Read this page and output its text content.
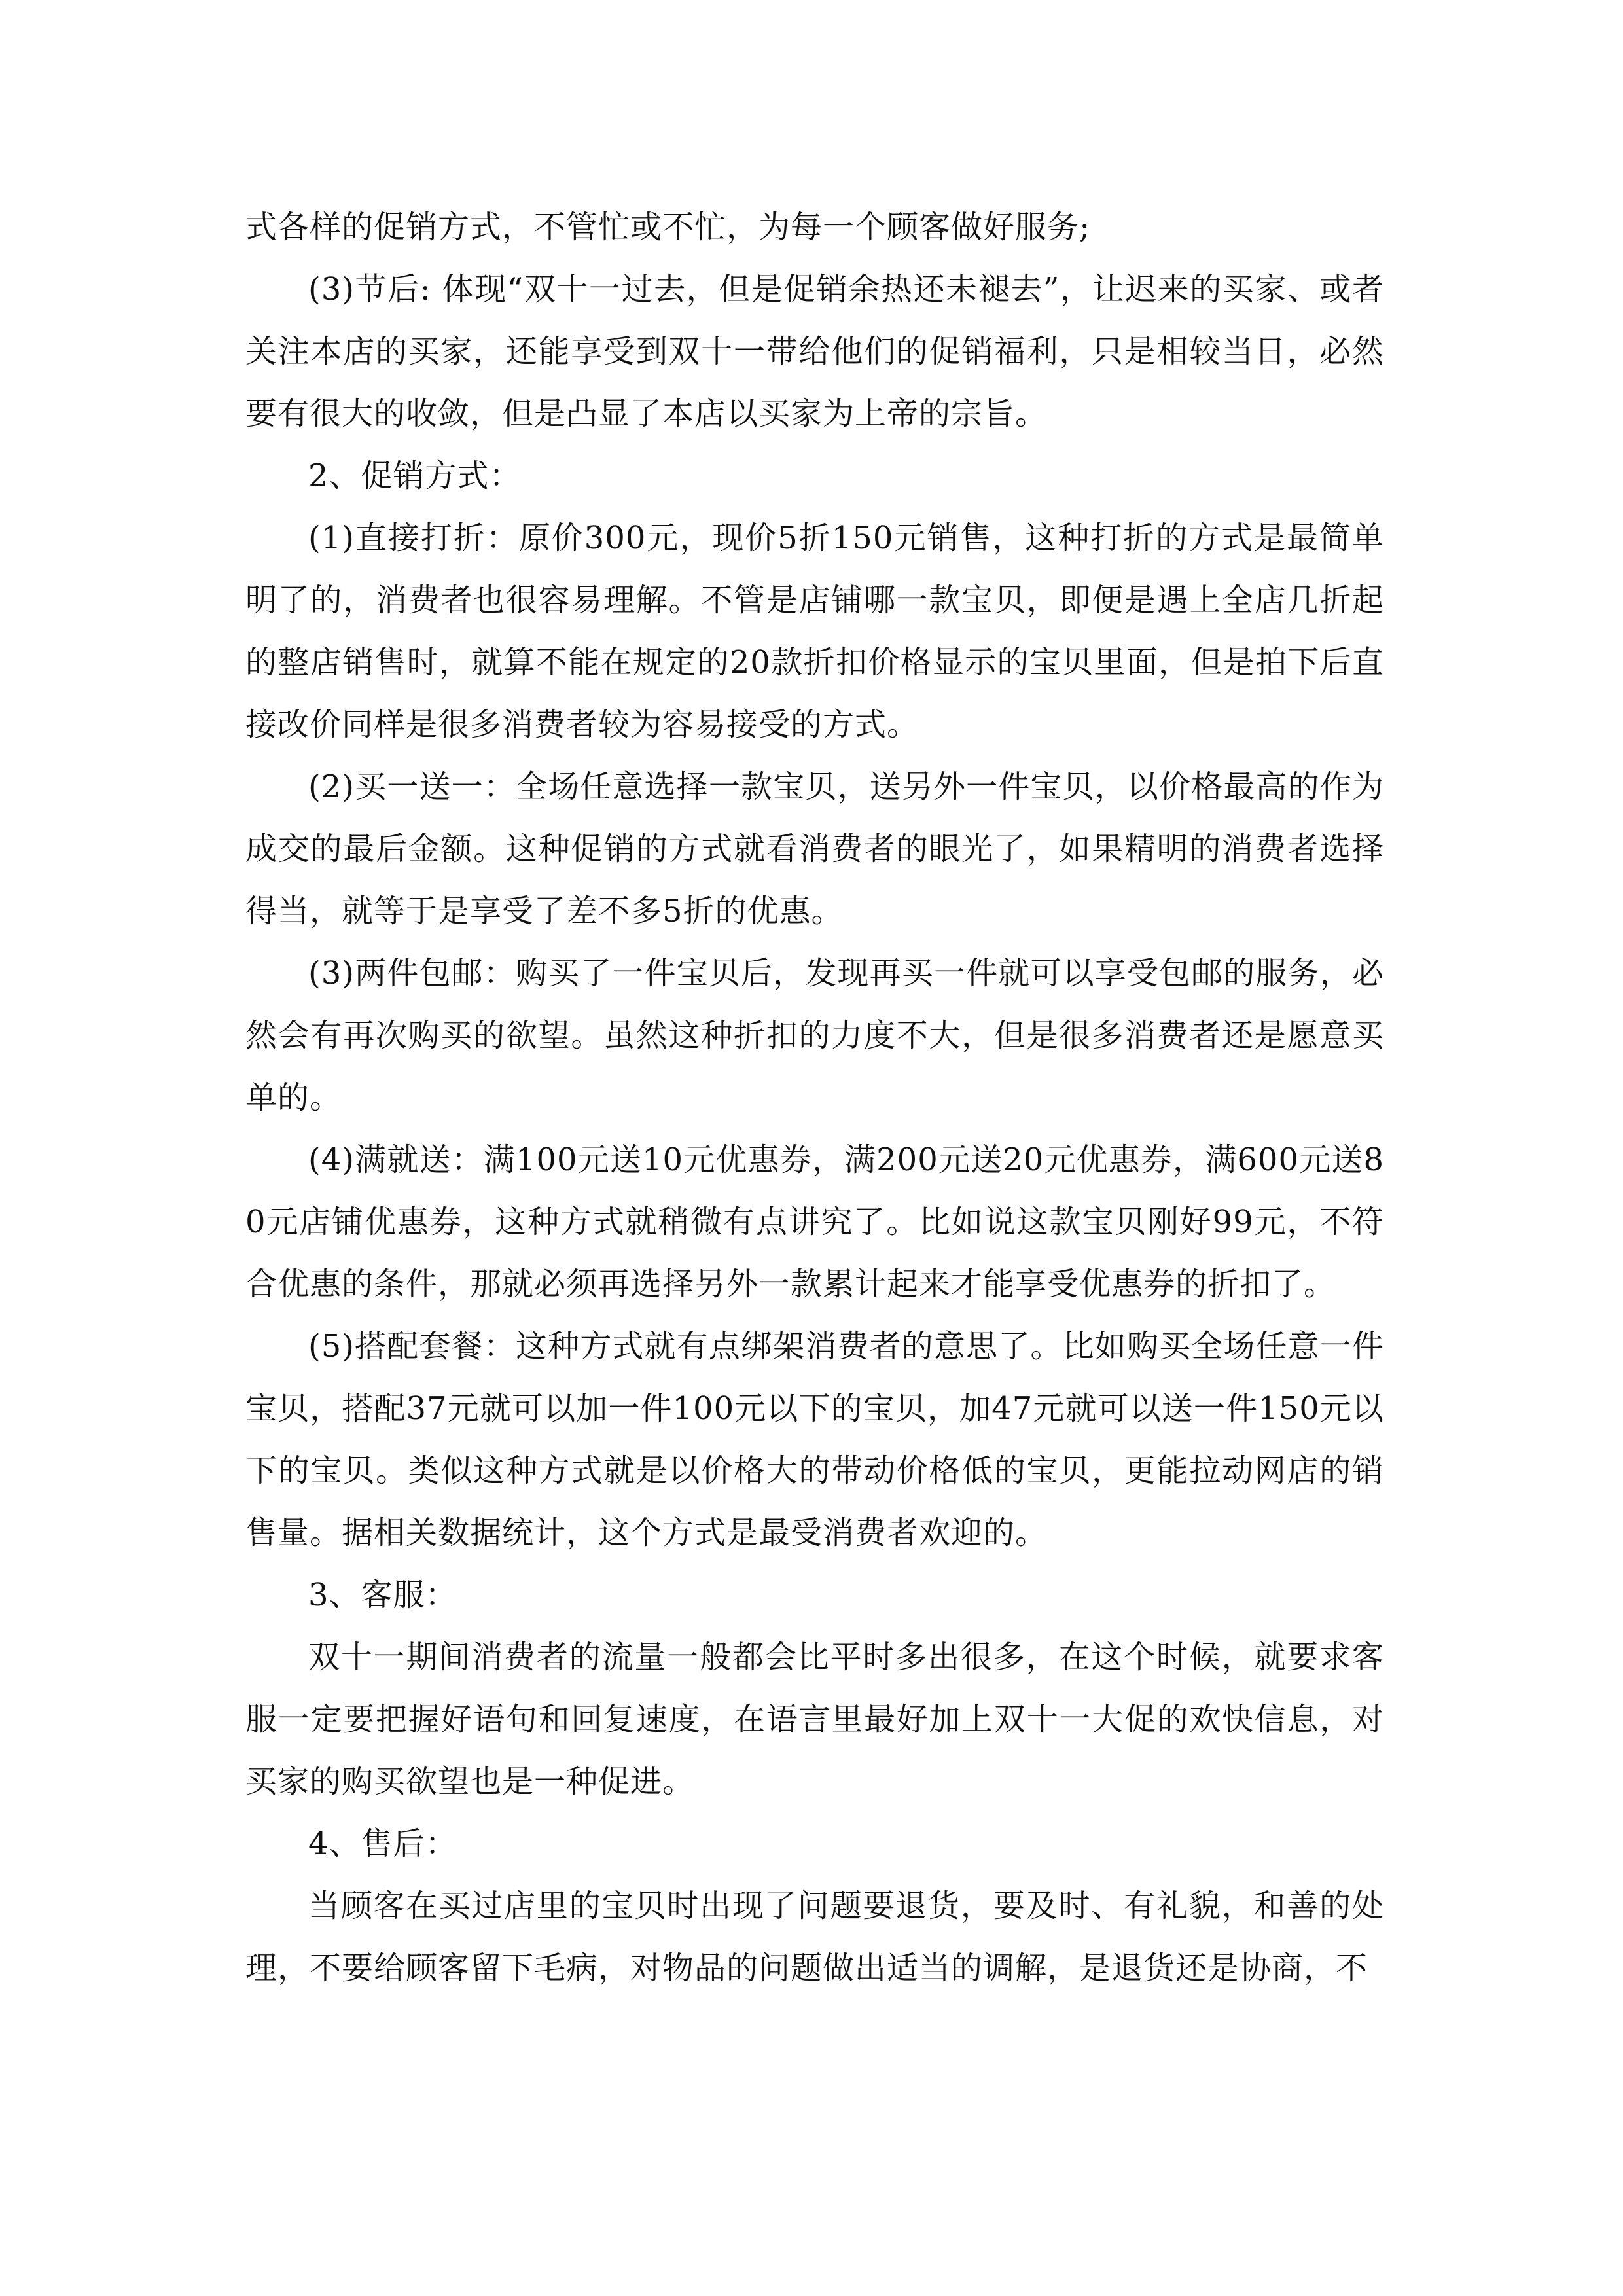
式各样的促销方式，不管忙或不忙，为每一个顾客做好服务;

(3)节后: 体现“双十一过去，但是促销余热还未褪去”，让迟来的买家、或者关注本店的买家，还能享受到双十一带给他们的促销福利，只是相较当日，必然要有很大的收敛，但是凸显了本店以买家为上帝的宗旨。

2、促销方式：

(1)直接打折：原价300元，现价5折150元销售，这种打折的方式是最简单明了的，消费者也很容易理解。不管是店铺哪一款宝贝，即便是遇上全店几折起的整店销售时，就算不能在规定的20款折扣价格显示的宝贝里面，但是拍下后直接改价同样是很多消费者较为容易接受的方式。

(2)买一送一：全场任意选择一款宝贝，送另外一件宝贝，以价格最高的作为成交的最后金额。这种促销的方式就看消费者的眼光了，如果精明的消费者选择得当，就等于是享受了差不多5折的优惠。

(3)两件包邮：购买了一件宝贝后，发现再买一件就可以享受包邮的服务，必然会有再次购买的欲望。虽然这种折扣的力度不大，但是很多消费者还是愿意买单的。

(4)满就送：满100元送10元优惠券，满200元送20元优惠券，满600元送80元店铺优惠券，这种方式就稍微有点讲究了。比如说这款宝贝刚好99元，不符合优惠的条件，那就必须再选择另外一款累计起来才能享受优惠券的折扣了。

(5)搭配套餐：这种方式就有点绑架消费者的意思了。比如购买全场任意一件宝贝，搭配37元就可以加一件100元以下的宝贝，加47元就可以送一件150元以下的宝贝。类似这种方式就是以价格大的带动价格低的宝贝，更能拉动网店的销售量。据相关数据统计，这个方式是最受消费者欢迎的。

3、客服：

双十一期间消费者的流量一般都会比平时多出很多，在这个时候，就要求客服一定要把握好语句和回复速度，在语言里最好加上双十一大促的欢快信息，对买家的购买欲望也是一种促进。

4、售后：

当顾客在买过店里的宝贝时出现了问题要退货，要及时、有礼貌，和善的处理，不要给顾客留下毛病，对物品的问题做出适当的调解，是退货还是协商，不
